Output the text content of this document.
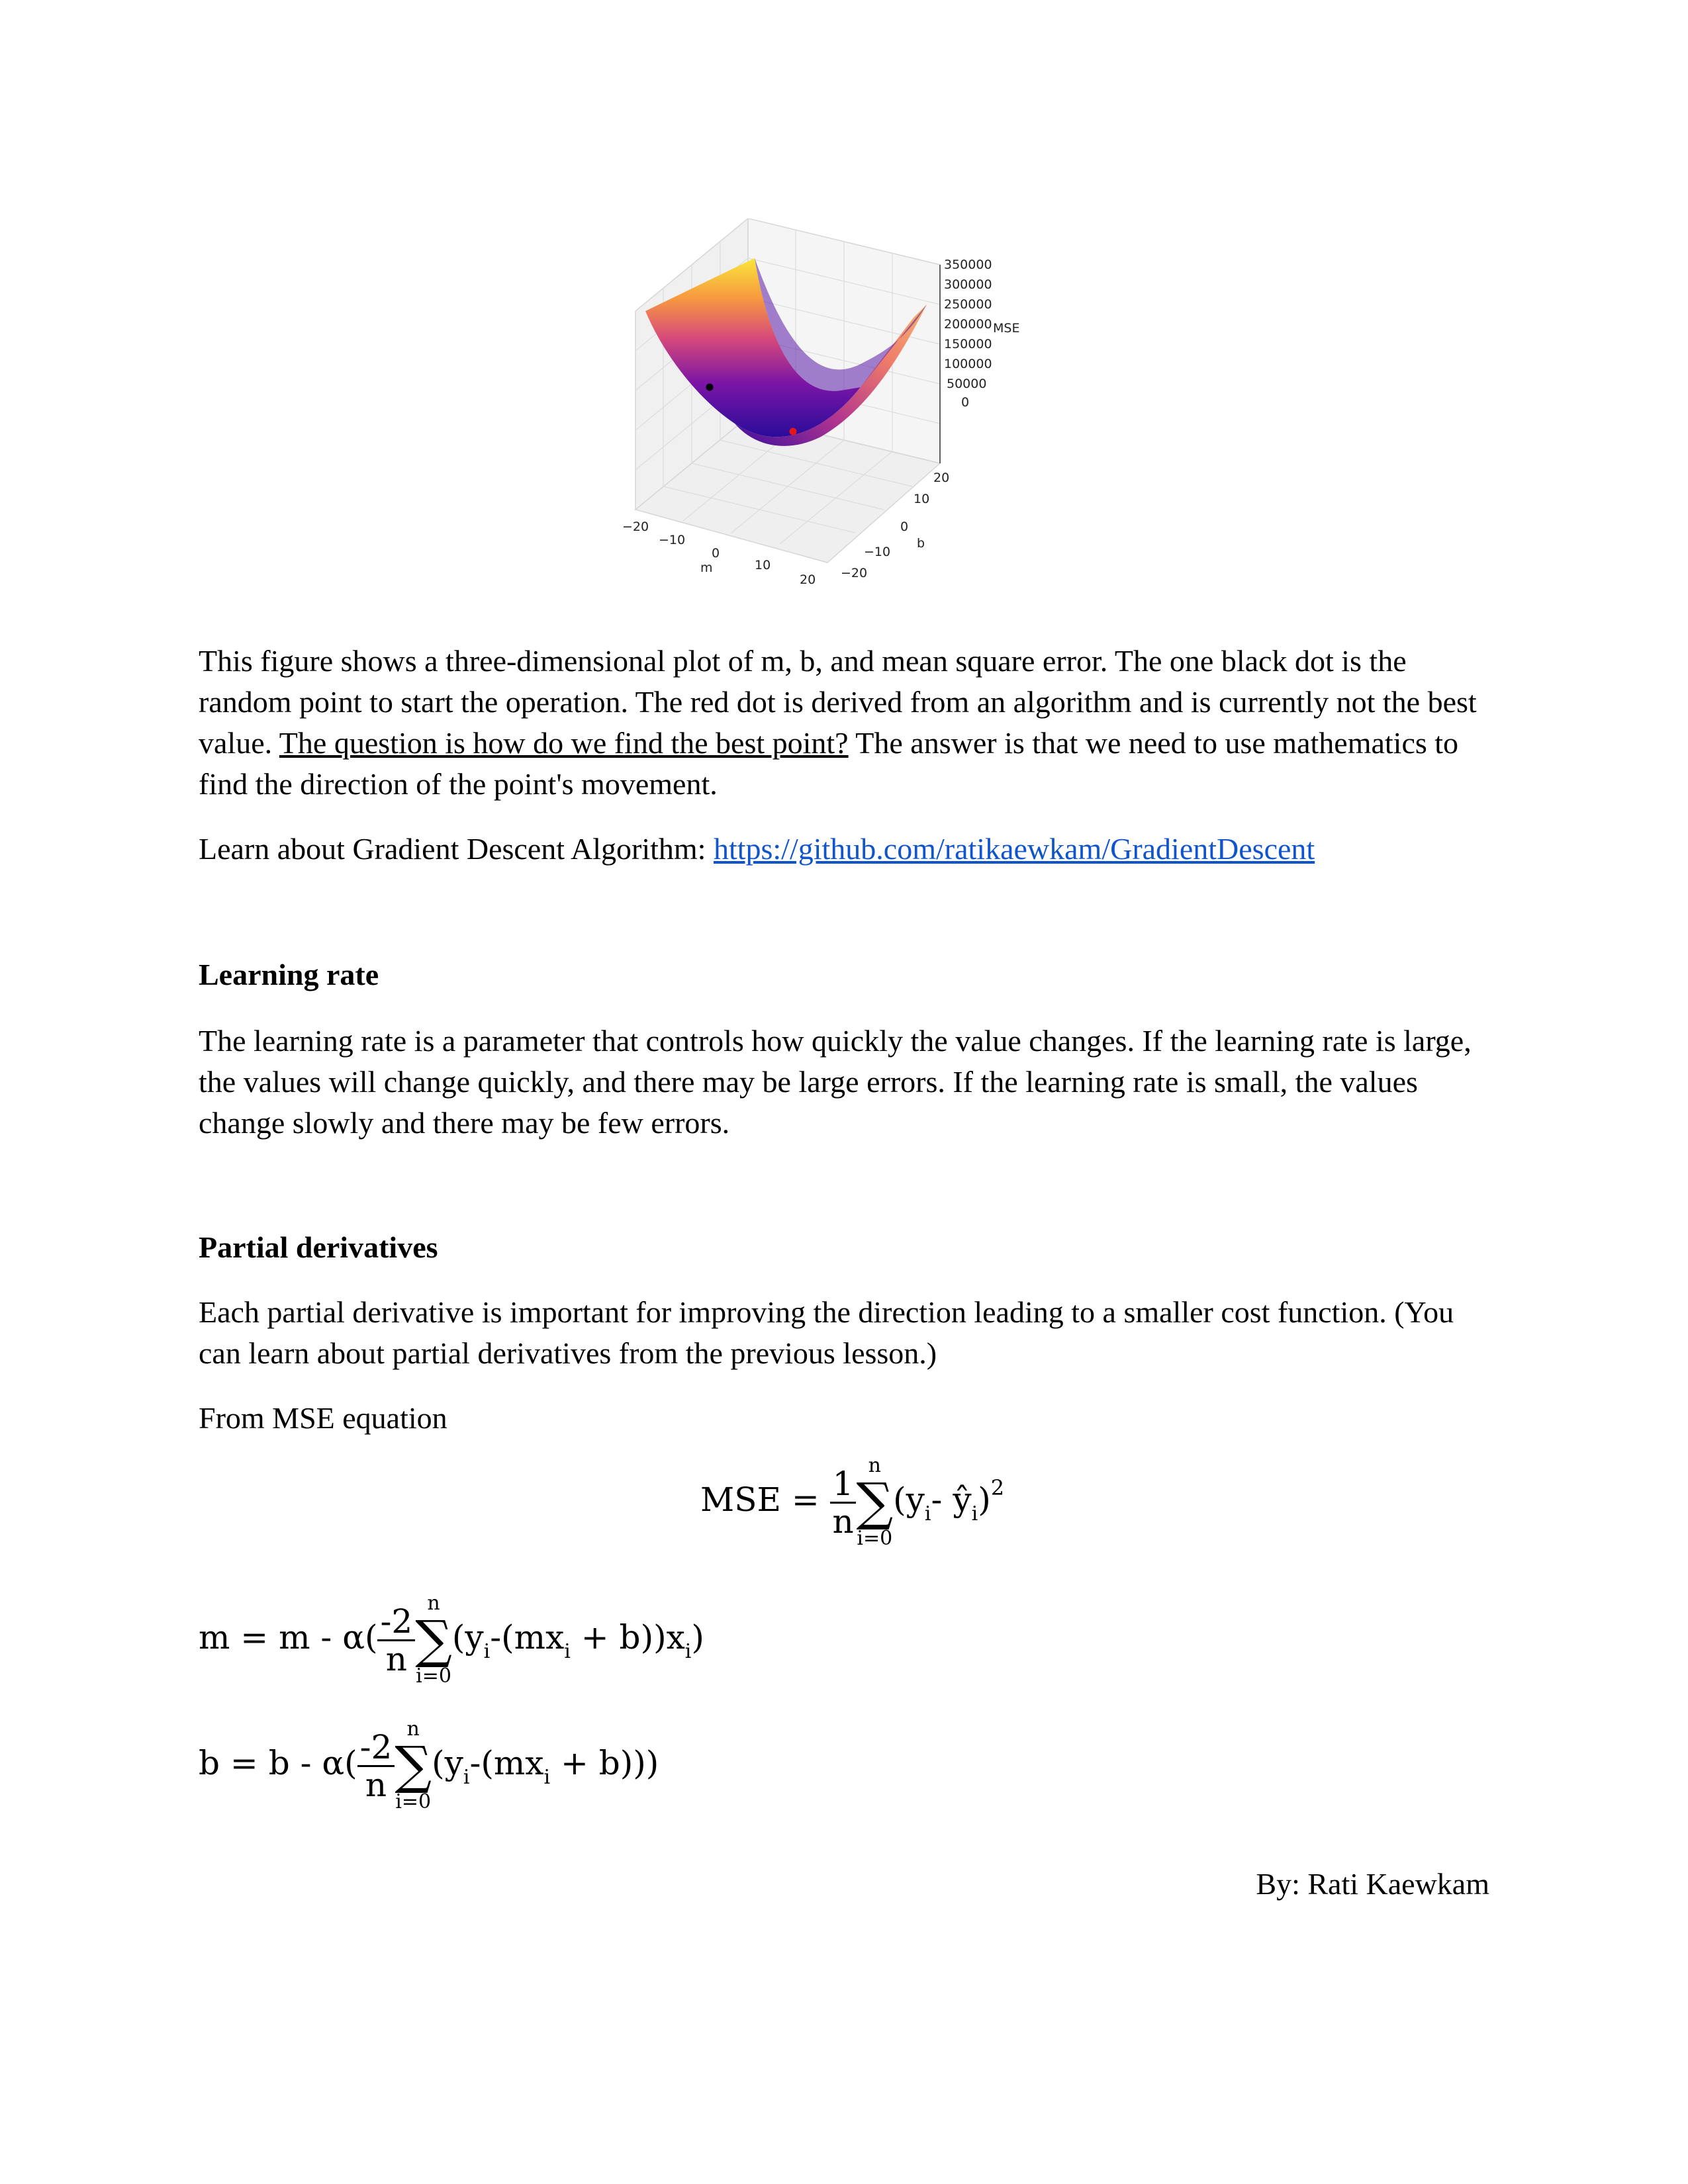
350000
300000
250000
200000 MSE
150000
100000
50000
0
−20
−10
0
m	10
20 −20
−10
0
b
10
20

This figure shows a three-dimensional plot of m, b, and mean square error. The one black dot is the random point to start the operation. The red dot is derived from an algorithm and is currently not the best value. The question is how do we find the best point? The answer is that we need to use mathematics to find the direction of the point's movement.

Learn about Gradient Descent Algorithm: https://github.com/ratikaewkam/GradientDescent

Learning rate

The learning rate is a parameter that controls how quickly the value changes. If the learning rate is large, the values will change quickly, and there may be large errors. If the learning rate is small, the values change slowly and there may be few errors.

Partial derivatives

Each partial derivative is important for improving the direction leading to a smaller cost function. (You can learn about partial derivatives from the previous lesson.)

From MSE equation

MSE = $\frac{1}{n}$
n
∑
i=0
($y_i-$ $ŷ_i)^2$
$m = m - \alpha( \frac{-2}{n}$
n
∑
i=0
$(y_i-(mx_i + b))x_i$)
$b = b - \alpha( \frac{-2}{n}$
n
∑
i=0
$(y_i-(mx_i + b))$)
By: Rati Kaewkam
